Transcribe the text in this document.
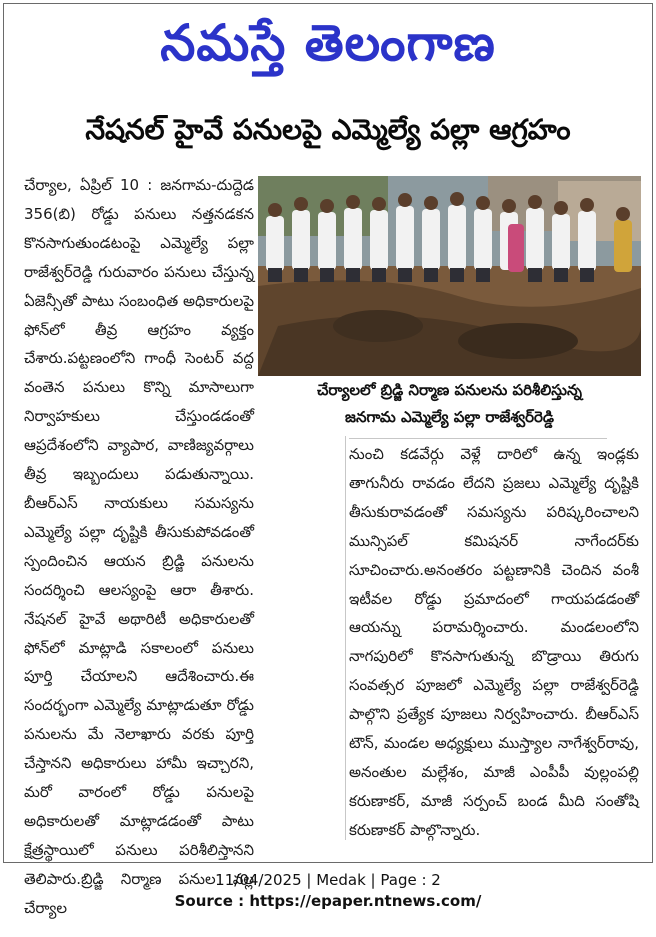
నమస్తే తెలంగాణ
నేషనల్ హైవే పనులపై ఎమ్మెల్యే పల్లా ఆగ్రహం

చేర్యాల, ఏప్రిల్ 10 : జనగామ-దుద్దెడ 356(బి) రోడ్డు పనులు నత్తనడకన కొనసాగుతుండటంపై ఎమ్మెల్యే పల్లా రాజేశ్వర్‌రెడ్డి గురువారం పనులు చేస్తున్న ఏజెన్సీతో పాటు సంబంధిత అధికారులపై ఫోన్‌లో తీవ్ర ఆగ్రహం వ్యక్తం చేశారు.పట్టణంలోని గాంధీ సెంటర్ వద్ద వంతెన పనులు కొన్ని మాసాలుగా నిర్వాహకులు చేస్తుండడంతో ఆప్రదేశంలోని వ్యాపార, వాణిజ్యవర్గాలు తీవ్ర ఇబ్బందులు పడుతున్నాయి. బీఆర్‌ఎస్ నాయకులు సమస్యను ఎమ్మెల్యే పల్లా దృష్టికి తీసుకుపోవడంతో స్పందించిన ఆయన బ్రిడ్జి పనులను సందర్శించి ఆలస్యంపై ఆరా తీశారు. నేషనల్ హైవే అథారిటీ అధికారులతో ఫోన్‌లో మాట్లాడి సకాలంలో పనులు పూర్తి చేయాలని ఆదేశించారు.ఈ సందర్భంగా ఎమ్మెల్యే మాట్లాడుతూ రోడ్డు పనులను మే నెలాఖారు వరకు పూర్తి చేస్తానని అధికారులు హామీ ఇచ్చారని, మరో వారంలో రోడ్డు పనులపై అధికారులతో మాట్లాడడంతో పాటు క్షేత్రస్థాయిలో పనులు పరిశీలిస్తానని తెలిపారు.బ్రిడ్జి నిర్మాణ పనుల వల్ల చేర్యాల

చేర్యాలలో బ్రిడ్జి నిర్మాణ పనులను పరిశీలిస్తున్న
జనగామ ఎమ్మెల్యే పల్లా రాజేశ్వర్‌రెడ్డి

నుంచి కడవేర్గు వెళ్లే దారిలో ఉన్న ఇండ్లకు తాగునీరు రావడం లేదని ప్రజలు ఎమ్మెల్యే దృష్టికి తీసుకురావడంతో సమస్యను పరిష్కరించాలని మున్సిపల్ కమిషనర్ నాగేందర్‌కు సూచించారు.అనంతరం పట్టణానికి చెందిన వంశీ ఇటీవల రోడ్డు ప్రమాదంలో గాయపడడంతో ఆయన్ను పరామర్శించారు. మండలంలోని నాగపురిలో కొనసాగుతున్న బొడ్రాయి తిరుగు సంవత్సర పూజలో ఎమ్మెల్యే పల్లా రాజేశ్వర్‌రెడ్డి పాల్గొని ప్రత్యేక పూజలు నిర్వహించారు. బీఆర్‌ఎస్ టౌన్, మండల అధ్యక్షులు ముస్త్యాల నాగేశ్వర్‌రావు, అనంతుల మల్లేశం, మాజీ ఎంపీపీ వుల్లంపల్లి కరుణాకర్, మాజీ సర్పంచ్ బండ మీది సంతోషి కరుణాకర్ పాల్గొన్నారు.

11/04/2025 | Medak | Page : 2
Source : https://epaper.ntnews.com/
